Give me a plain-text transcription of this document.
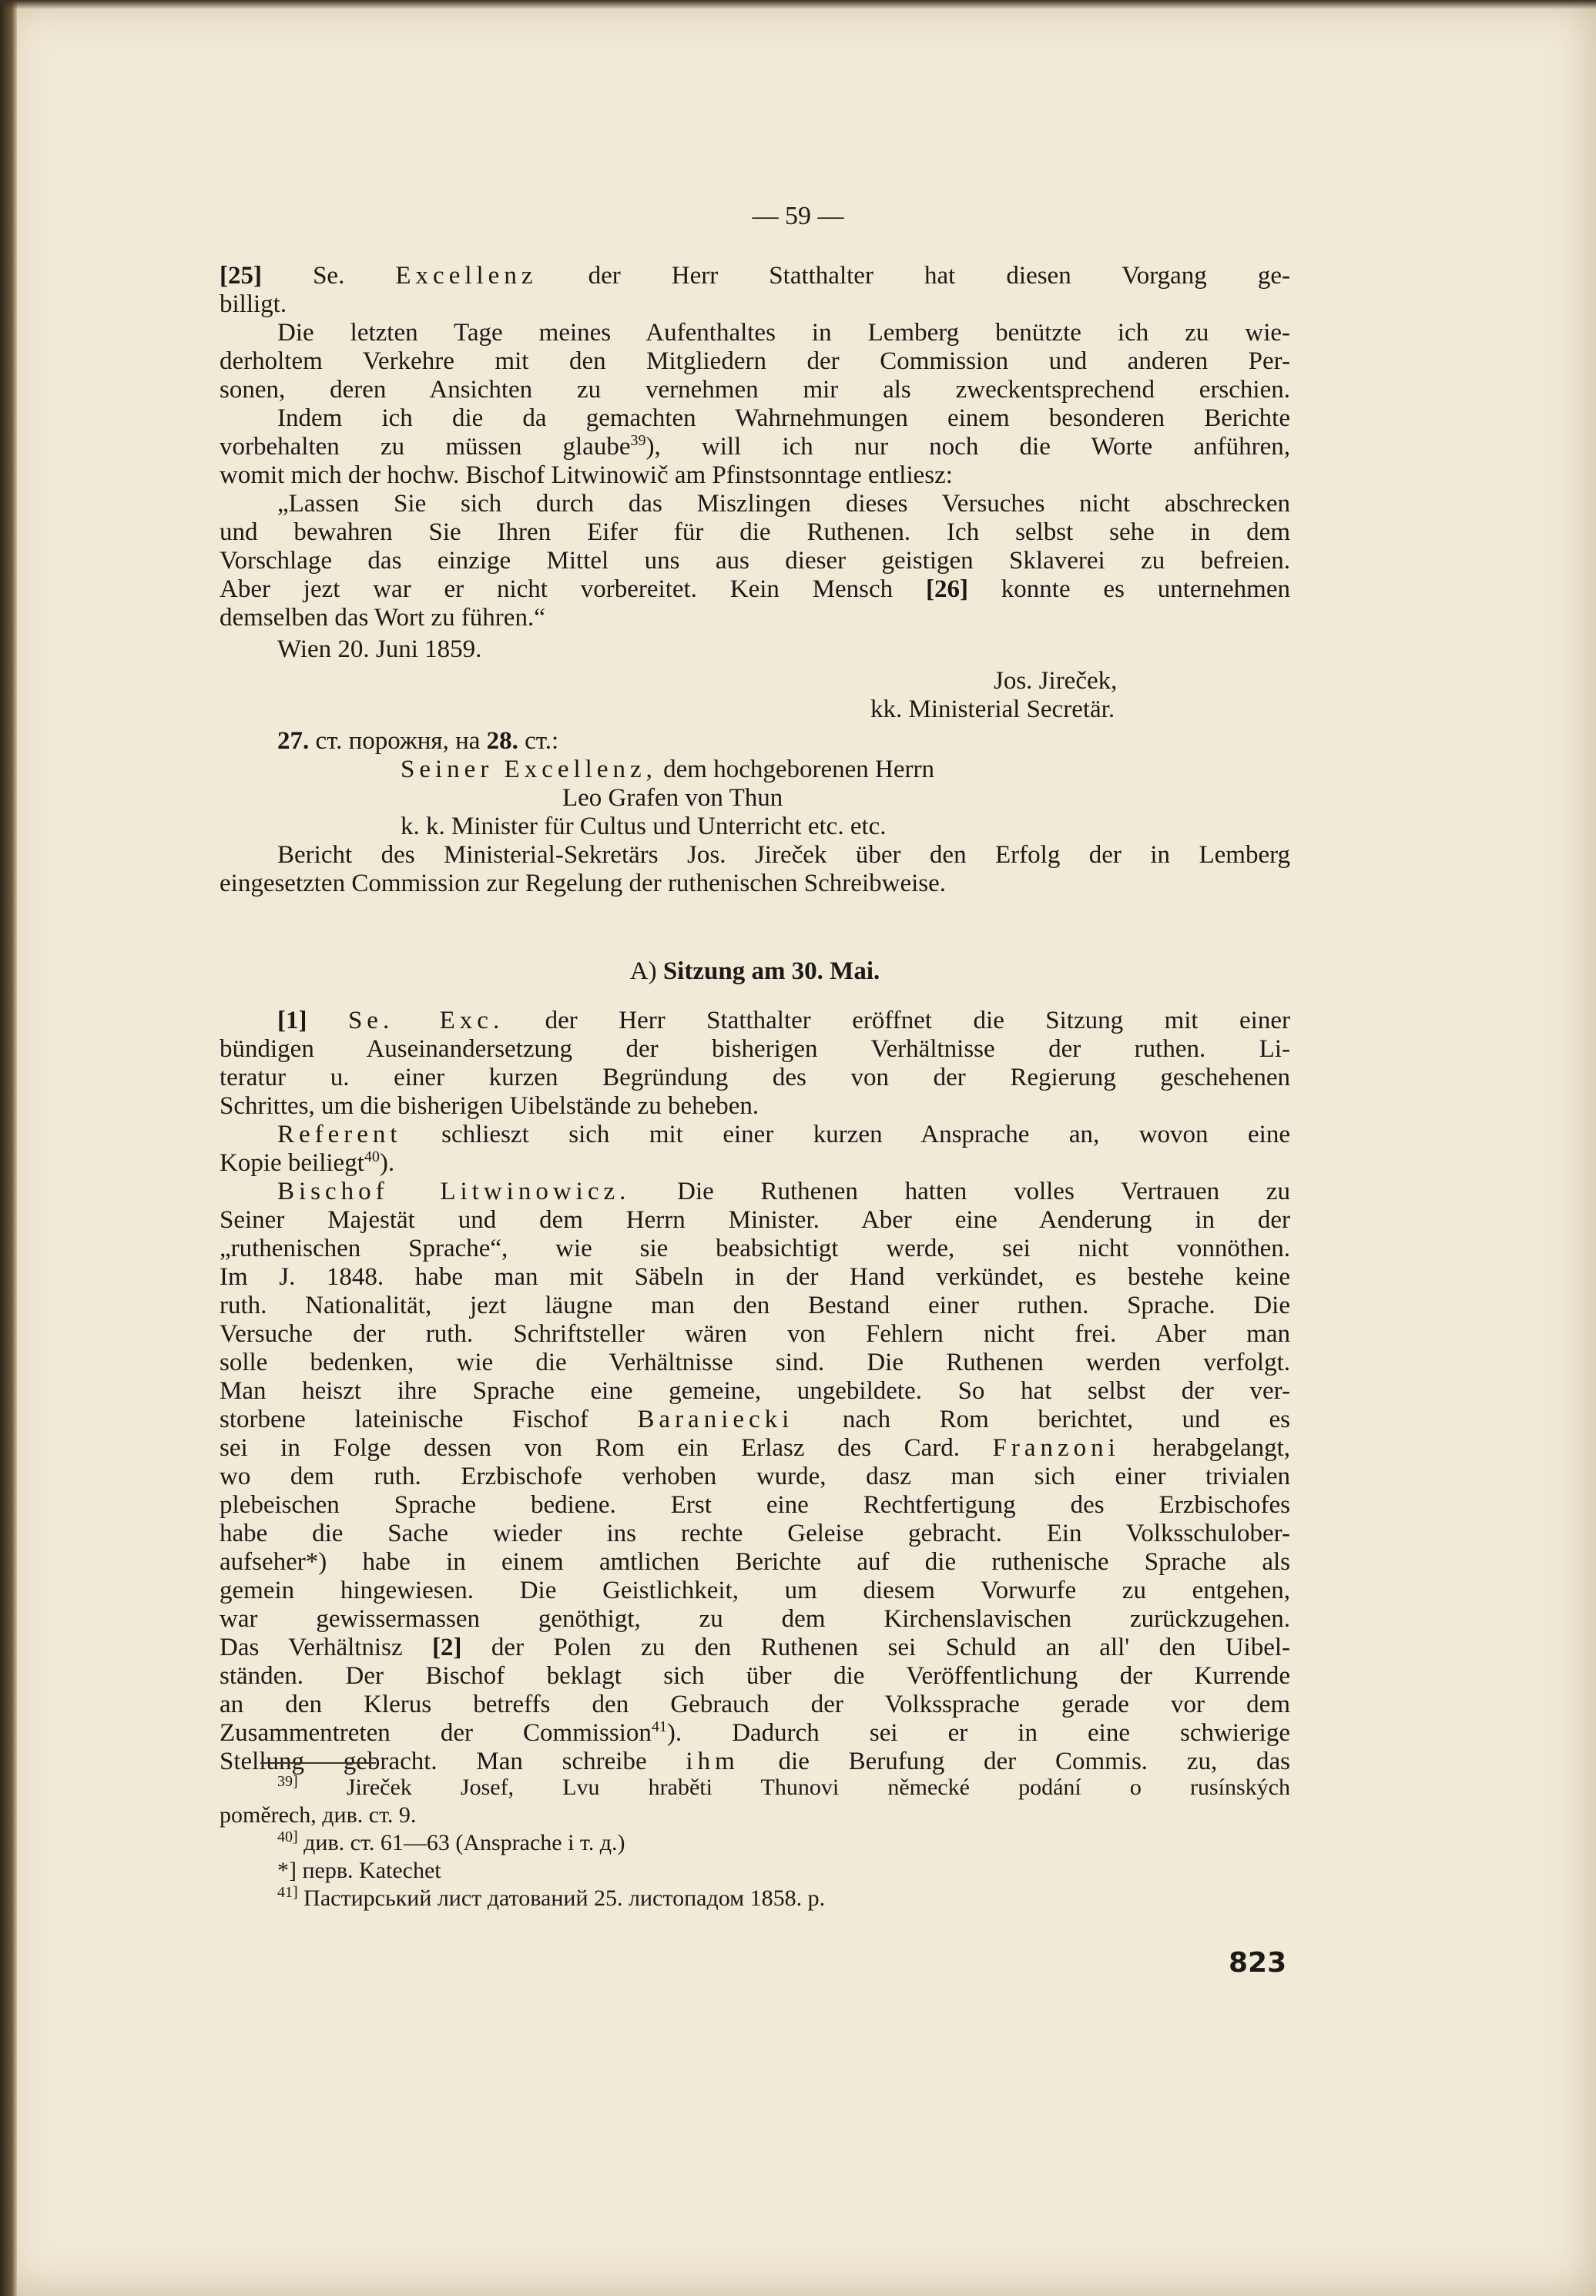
— 59 —
[25] Se. Excellenz der Herr Statthalter hat diesen Vorgang ge-
billigt.
Die letzten Tage meines Aufenthaltes in Lemberg benützte ich zu wie-
derholtem Verkehre mit den Mitgliedern der Commission und anderen Per-
sonen, deren Ansichten zu vernehmen mir als zweckentsprechend erschien.
Indem ich die da gemachten Wahrnehmungen einem besonderen Berichte
vorbehalten zu müssen glaube$^{39}$), will ich nur noch die Worte anführen,
womit mich der hochw. Bischof Litwinowič am Pfinstsonntage entliesz:
„Lassen Sie sich durch das Miszlingen dieses Versuches nicht abschrecken
und bewahren Sie Ihren Eifer für die Ruthenen. Ich selbst sehe in dem
Vorschlage das einzige Mittel uns aus dieser geistigen Sklaverei zu befreien.
Aber jezt war er nicht vorbereitet. Kein Mensch [26] konnte es unternehmen
demselben das Wort zu führen.“
Wien 20. Juni 1859.
Jos. Jireček,
kk. Ministerial Secretär.
27. ст. порожня, на 28. ст.:
Seiner Excellenz, dem hochgeborenen Herrn
Leo Grafen von Thun
k. k. Minister für Cultus und Unterricht etc. etc.
Bericht des Ministerial-Sekretärs Jos. Jireček über den Erfolg der in Lemberg
eingesetzten Commission zur Regelung der ruthenischen Schreibweise.
A) Sitzung am 30. Mai.
[1] Se. Exc. der Herr Statthalter eröffnet die Sitzung mit einer
bündigen Auseinandersetzung der bisherigen Verhältnisse der ruthen. Li-
teratur u. einer kurzen Begründung des von der Regierung geschehenen
Schrittes, um die bisherigen Uibelstände zu beheben.
Referent schlieszt sich mit einer kurzen Ansprache an, wovon eine
Kopie beiliegt$^{40}$).
Bischof Litwinowicz. Die Ruthenen hatten volles Vertrauen zu
Seiner Majestät und dem Herrn Minister. Aber eine Aenderung in der
„ruthenischen Sprache“, wie sie beabsichtigt werde, sei nicht vonnöthen.
Im J. 1848. habe man mit Säbeln in der Hand verkündet, es bestehe keine
ruth. Nationalität, jezt läugne man den Bestand einer ruthen. Sprache. Die
Versuche der ruth. Schriftsteller wären von Fehlern nicht frei. Aber man
solle bedenken, wie die Verhältnisse sind. Die Ruthenen werden verfolgt.
Man heiszt ihre Sprache eine gemeine, ungebildete. So hat selbst der ver-
storbene lateinische Fischof Baraniecki nach Rom berichtet, und es
sei in Folge dessen von Rom ein Erlasz des Card. Franzoni herabgelangt,
wo dem ruth. Erzbischofe verhoben wurde, dasz man sich einer trivialen
plebeischen Sprache bediene. Erst eine Rechtfertigung des Erzbischofes
habe die Sache wieder ins rechte Geleise gebracht. Ein Volksschulober-
aufseher*) habe in einem amtlichen Berichte auf die ruthenische Sprache als
gemein hingewiesen. Die Geistlichkeit, um diesem Vorwurfe zu entgehen,
war gewissermassen genöthigt, zu dem Kirchenslavischen zurückzugehen.
Das Verhältnisz [2] der Polen zu den Ruthenen sei Schuld an all' den Uibel-
ständen. Der Bischof beklagt sich über die Veröffentlichung der Kurrende
an den Klerus betreffs den Gebrauch der Volkssprache gerade vor dem
Zusammentreten der Commission$^{41}$). Dadurch sei er in eine schwierige
Stellung gebracht. Man schreibe ihm die Berufung der Commis. zu, das
$^{39]}$ Jireček Josef, Lvu hraběti Thunovi německé podání o rusínských
poměrech, див. ст. 9.
$^{40]}$ див. ст. 61—63 (Ansprache і т. д.)
*] перв. Katechet
$^{41]}$ Пастирський лист датований 25. листопадом 1858. р.
823
